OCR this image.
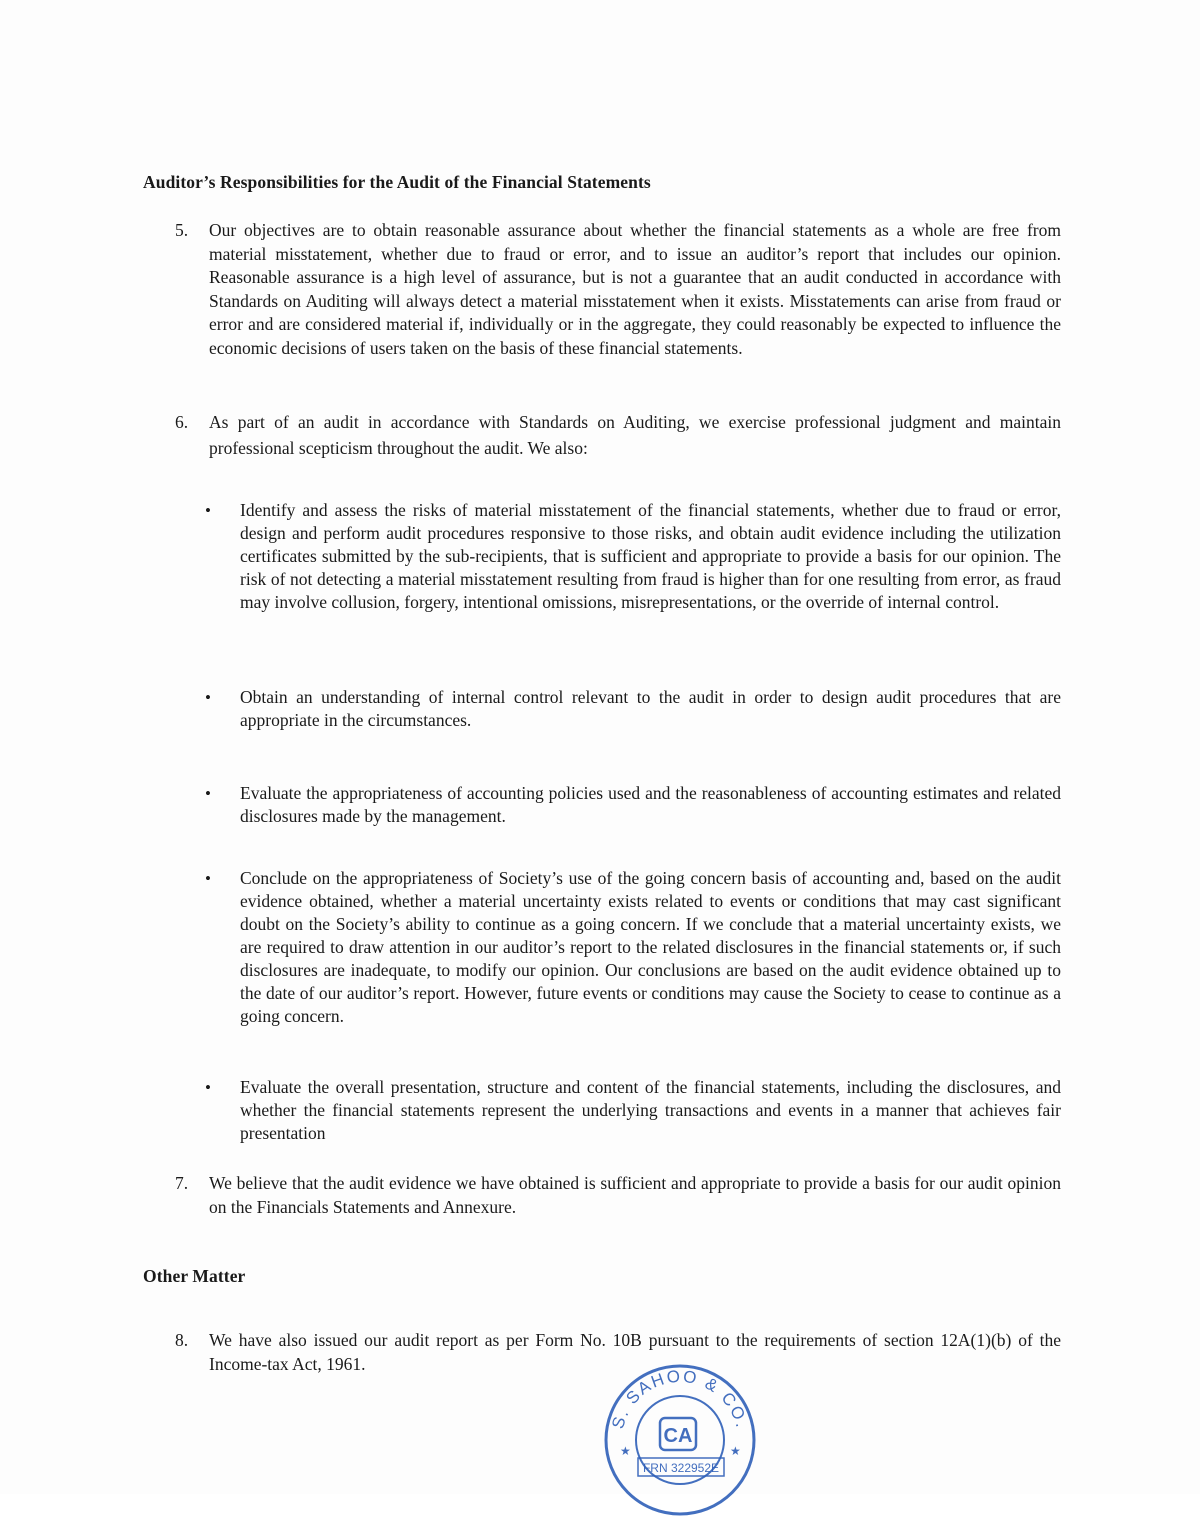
Auditor’s Responsibilities for the Audit of the Financial Statements
5. Our objectives are to obtain reasonable assurance about whether the financial statements as a whole are free from material misstatement, whether due to fraud or error, and to issue an auditor’s report that includes our opinion. Reasonable assurance is a high level of assurance, but is not a guarantee that an audit conducted in accordance with Standards on Auditing will always detect a material misstatement when it exists. Misstatements can arise from fraud or error and are considered material if, individually or in the aggregate, they could reasonably be expected to influence the economic decisions of users taken on the basis of these financial statements.
6. As part of an audit in accordance with Standards on Auditing, we exercise professional judgment and maintain professional scepticism throughout the audit. We also:
•	Identify and assess the risks of material misstatement of the financial statements, whether due to fraud or error, design and perform audit procedures responsive to those risks, and obtain audit evidence including the utilization certificates submitted by the sub-recipients, that is sufficient and appropriate to provide a basis for our opinion. The risk of not detecting a material misstatement resulting from fraud is higher than for one resulting from error, as fraud may involve collusion, forgery, intentional omissions, misrepresentations, or the override of internal control.
•	Obtain an understanding of internal control relevant to the audit in order to design audit procedures that are appropriate in the circumstances.
•	Evaluate the appropriateness of accounting policies used and the reasonableness of accounting estimates and related disclosures made by the management.
•	Conclude on the appropriateness of Society’s use of the going concern basis of accounting and, based on the audit evidence obtained, whether a material uncertainty exists related to events or conditions that may cast significant doubt on the Society’s ability to continue as a going concern. If we conclude that a material uncertainty exists, we are required to draw attention in our auditor’s report to the related disclosures in the financial statements or, if such disclosures are inadequate, to modify our opinion. Our conclusions are based on the audit evidence obtained up to the date of our auditor’s report. However, future events or conditions may cause the Society to cease to continue as a going concern.
•	Evaluate the overall presentation, structure and content of the financial statements, including the disclosures, and whether the financial statements represent the underlying transactions and events in a manner that achieves fair presentation
7. We believe that the audit evidence we have obtained is sufficient and appropriate to provide a basis for our audit opinion on the Financials Statements and Annexure.
Other Matter
8. We have also issued our audit report as per Form No. 10B pursuant to the requirements of section 12A(1)(b) of the Income-tax Act, 1961.
S. SAHOO & CO.
CA
★	★
FRN 322952E
